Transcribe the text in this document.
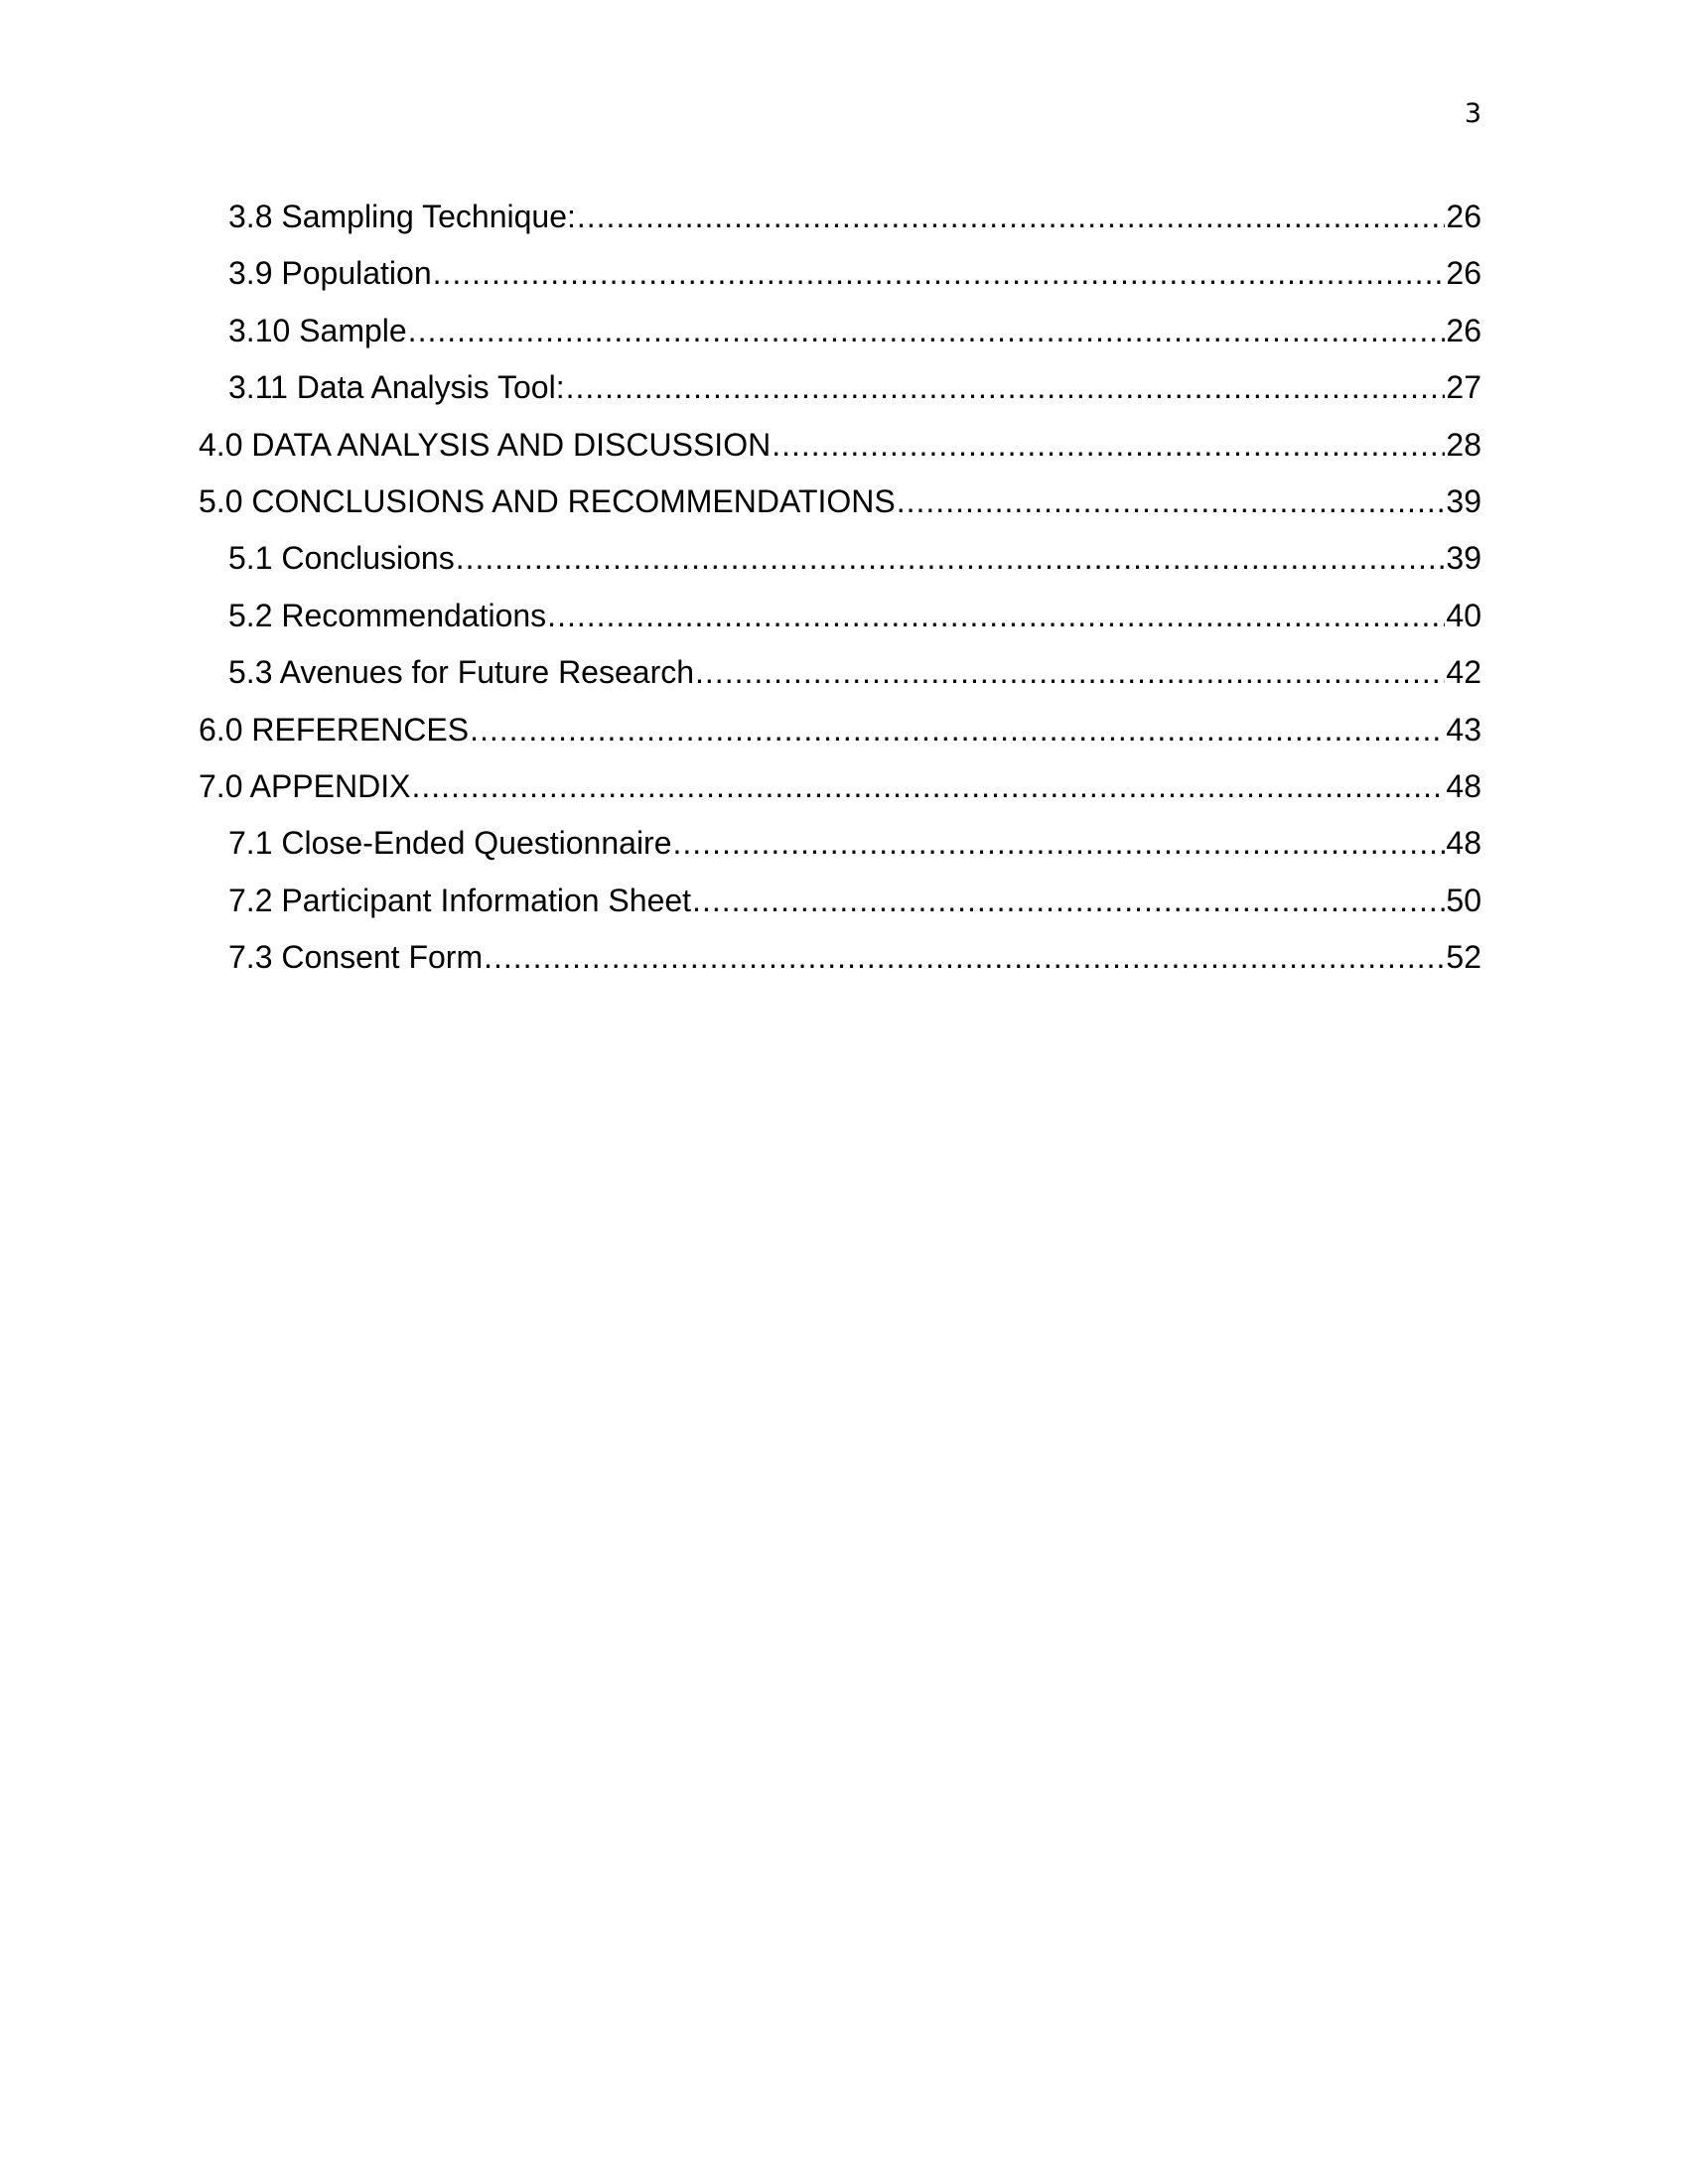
3
3.8 Sampling Technique: .....	26
3.9 Population .....	26
3.10 Sample .....	26
3.11 Data Analysis Tool: .....	27
4.0 DATA ANALYSIS AND DISCUSSION .....	28
5.0 CONCLUSIONS AND RECOMMENDATIONS .....	39
5.1 Conclusions .....	39
5.2 Recommendations .....	40
5.3 Avenues for Future Research .....	42
6.0 REFERENCES .....	43
7.0 APPENDIX .....	48
7.1 Close-Ended Questionnaire .....	48
7.2 Participant Information Sheet .....	50
7.3 Consent Form .....	52
